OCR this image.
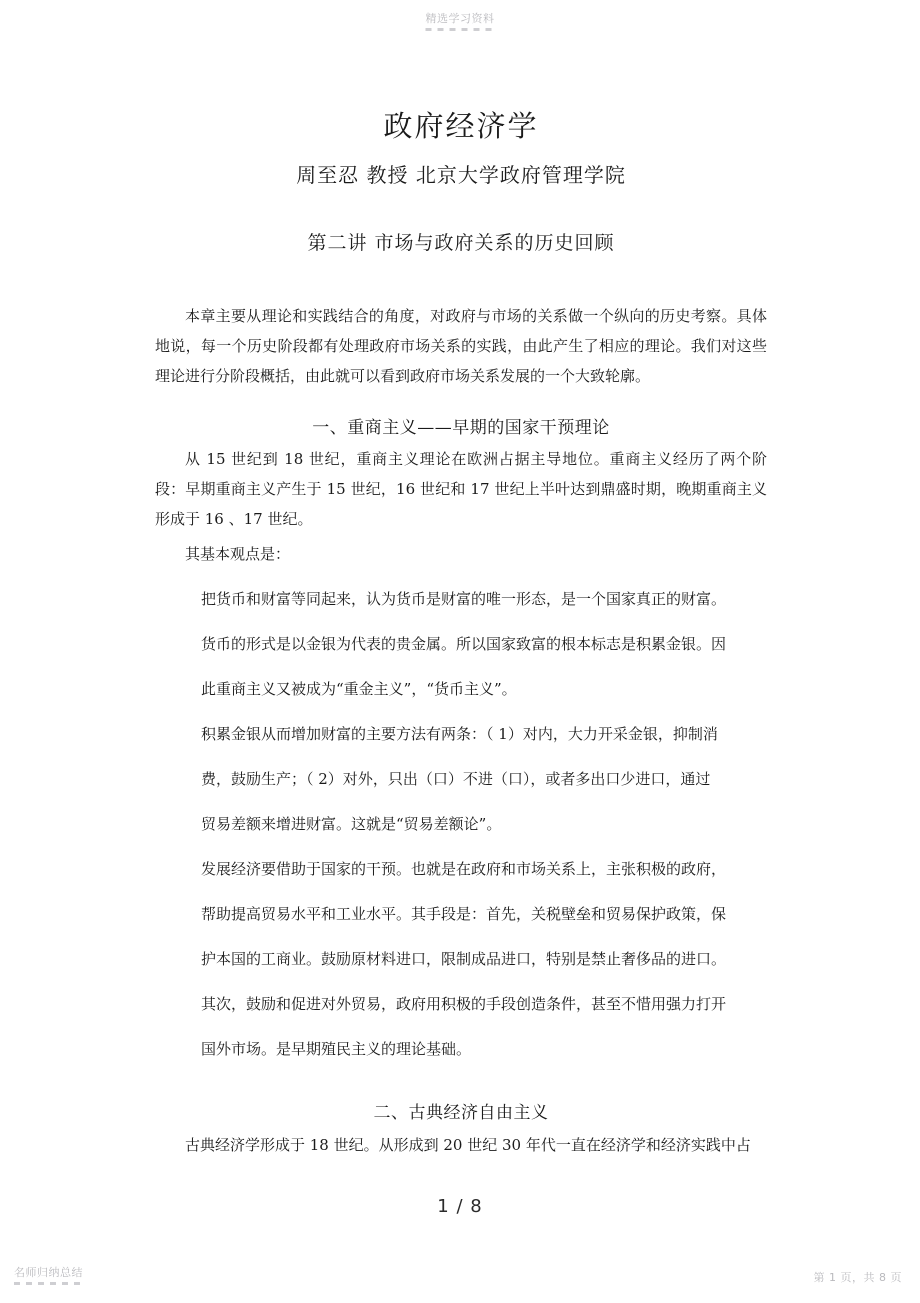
精选学习资料
政府经济学
周至忍 教授 北京大学政府管理学院
第二讲 市场与政府关系的历史回顾

本章主要从理论和实践结合的角度，对政府与市场的关系做一个纵向的历史考察。具体地说，每一个历史阶段都有处理政府市场关系的实践，由此产生了相应的理论。我们对这些理论进行分阶段概括，由此就可以看到政府市场关系发展的一个大致轮廓。

一、重商主义——早期的国家干预理论

从 15 世纪到 18 世纪，重商主义理论在欧洲占据主导地位。重商主义经历了两个阶段：早期重商主义产生于 15 世纪，16 世纪和 17 世纪上半叶达到鼎盛时期，晚期重商主义形成于 16 、17 世纪。

其基本观点是：

把货币和财富等同起来，认为货币是财富的唯一形态，是一个国家真正的财富。
货币的形式是以金银为代表的贵金属。所以国家致富的根本标志是积累金银。因
此重商主义又被成为“重金主义”，“货币主义”。
积累金银从而增加财富的主要方法有两条：（ 1）对内，大力开采金银，抑制消
费，鼓励生产；（ 2）对外，只出（口）不进（口），或者多出口少进口，通过
贸易差额来增进财富。这就是“贸易差额论”。
发展经济要借助于国家的干预。也就是在政府和市场关系上，主张积极的政府，
帮助提高贸易水平和工业水平。其手段是：首先，关税壁垒和贸易保护政策，保
护本国的工商业。鼓励原材料进口，限制成品进口，特别是禁止奢侈品的进口。
其次，鼓励和促进对外贸易，政府用积极的手段创造条件，甚至不惜用强力打开
国外市场。是早期殖民主义的理论基础。
二、古典经济自由主义

古典经济学形成于 18 世纪。从形成到 20 世纪 30 年代一直在经济学和经济实践中占

1 / 8
名师归纳总结	第 1 页，共 8 页
